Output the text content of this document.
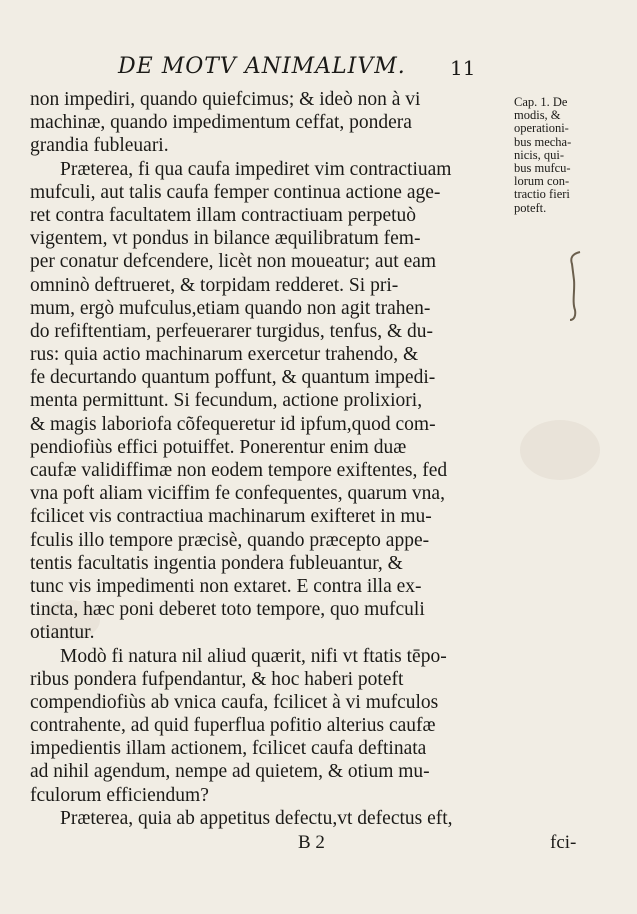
DE MOTV ANIMALIVM. 11
non impediri, quando quiefcimus; & ideò non à vi
machinæ, quando impedimentum ceffat, pondera
grandia fubleuari.
Præterea, fi qua caufa impediret vim contractiuam
mufculi, aut talis caufa femper continua actione age-
ret contra facultatem illam contractiuam perpetuò
vigentem, vt pondus in bilance æquilibratum fem-
per conatur defcendere, licèt non moueatur; aut eam
omninò deftrueret, & torpidam redderet. Si pri-
mum, ergò mufculus,etiam quando non agit trahen-
do refiftentiam, perfeuerarer turgidus, tenfus, & du-
rus: quia actio machinarum exercetur trahendo, &
fe decurtando quantum poffunt, & quantum impedi-
menta permittunt. Si fecundum, actione prolixiori,
& magis laboriofa cõfequeretur id ipfum,quod com-
pendiofiùs effici potuiffet. Ponerentur enim duæ
caufæ validiffimæ non eodem tempore exiftentes, fed
vna poft aliam viciffim fe confequentes, quarum vna,
fcilicet vis contractiua machinarum exifteret in mu-
fculis illo tempore præcisè, quando præcepto appe-
tentis facultatis ingentia pondera fubleuantur, &
tunc vis impedimenti non extaret. E contra illa ex-
tincta, hæc poni deberet toto tempore, quo mufculi
otiantur.
Modò fi natura nil aliud quærit, nifi vt ftatis tēpo-
ribus pondera fufpendantur, & hoc haberi poteft
compendiofiùs ab vnica caufa, fcilicet à vi mufculos
contrahente, ad quid fuperflua pofitio alterius caufæ
impedientis illam actionem, fcilicet caufa deftinata
ad nihil agendum, nempe ad quietem, & otium mu-
fculorum efficiendum?
Præterea, quia ab appetitus defectu,vt defectus eft,
Cap. 1. De
modis, &
operationi-
bus mecha-
nicis, qui-
bus mufcu-
lorum con-
tractio fieri
poteft.
B 2	fci-
